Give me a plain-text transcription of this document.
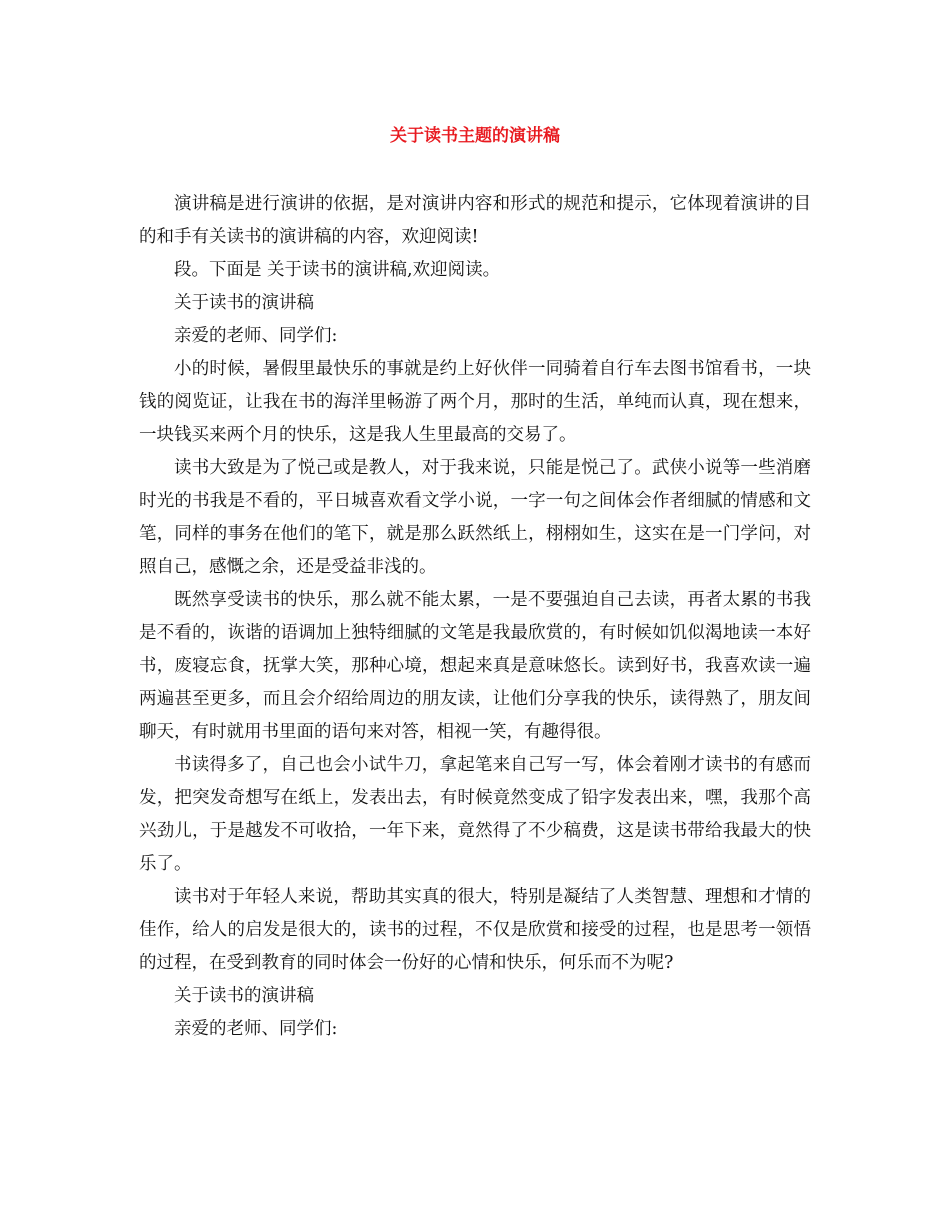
关于读书主题的演讲稿

演讲稿是进行演讲的依据，是对演讲内容和形式的规范和提示，它体现着演讲的目的和手有关读书的演讲稿的内容，欢迎阅读!

段。下面是 关于读书的演讲稿,欢迎阅读。

关于读书的演讲稿

亲爱的老师、同学们:

小的时候，暑假里最快乐的事就是约上好伙伴一同骑着自行车去图书馆看书，一块钱的阅览证，让我在书的海洋里畅游了两个月，那时的生活，单纯而认真，现在想来，一块钱买来两个月的快乐，这是我人生里最高的交易了。

读书大致是为了悦己或是教人，对于我来说，只能是悦己了。武侠小说等一些消磨时光的书我是不看的，平日城喜欢看文学小说，一字一句之间体会作者细腻的情感和文笔，同样的事务在他们的笔下，就是那么跃然纸上，栩栩如生，这实在是一门学问，对照自己，感慨之余，还是受益非浅的。

既然享受读书的快乐，那么就不能太累，一是不要强迫自己去读，再者太累的书我是不看的，诙谐的语调加上独特细腻的文笔是我最欣赏的，有时候如饥似渴地读一本好书，废寝忘食，抚掌大笑，那种心境，想起来真是意味悠长。读到好书，我喜欢读一遍两遍甚至更多，而且会介绍给周边的朋友读，让他们分享我的快乐，读得熟了，朋友间聊天，有时就用书里面的语句来对答，相视一笑，有趣得很。

书读得多了，自己也会小试牛刀，拿起笔来自己写一写，体会着刚才读书的有感而发，把突发奇想写在纸上，发表出去，有时候竟然变成了铅字发表出来，嘿，我那个高兴劲儿，于是越发不可收拾，一年下来，竟然得了不少稿费，这是读书带给我最大的快乐了。

读书对于年轻人来说，帮助其实真的很大，特别是凝结了人类智慧、理想和才情的佳作，给人的启发是很大的，读书的过程，不仅是欣赏和接受的过程，也是思考一领悟的过程，在受到教育的同时体会一份好的心情和快乐，何乐而不为呢?

关于读书的演讲稿

亲爱的老师、同学们:
